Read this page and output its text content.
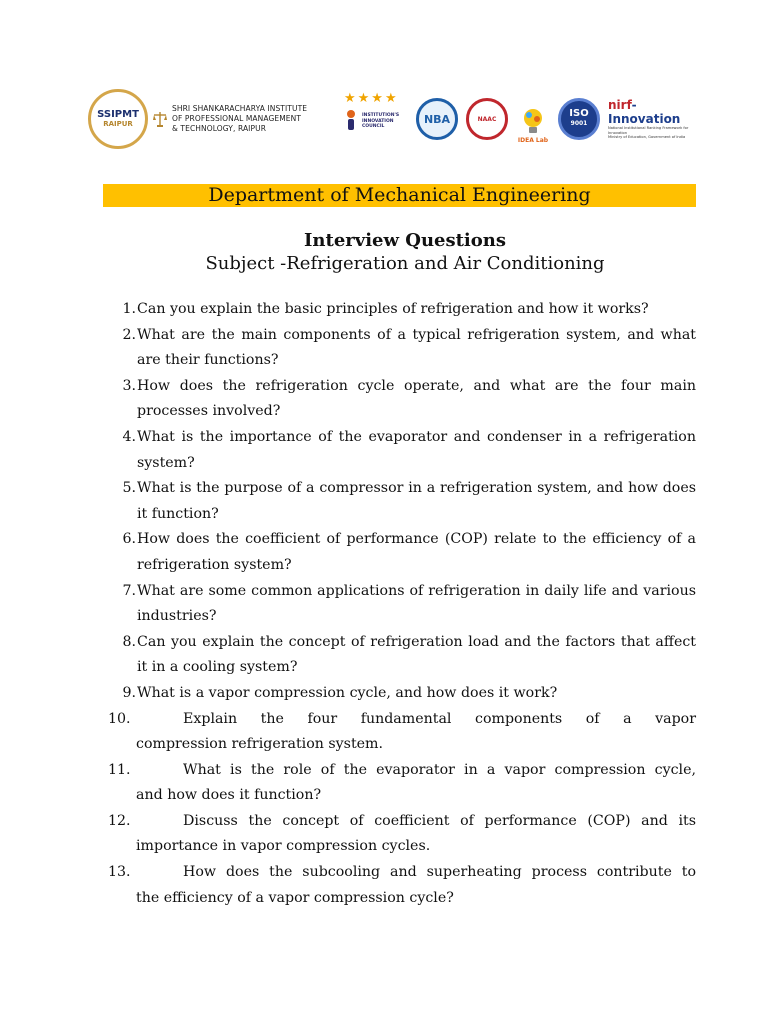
SSIPMT
RAIPUR
SHRI SHANKARACHARYA INSTITUTE
OF PROFESSIONAL MANAGEMENT
& TECHNOLOGY, RAIPUR
★★★★
INSTITUTION'S
INNOVATION
COUNCIL
NBA	NAAC
IDEA Lab
ISO
9001
nirf-Innovation
National Institutional Ranking Framework for Innovation
Ministry of Education, Government of India
Department of Mechanical Engineering
Interview Questions
Subject -Refrigeration and Air Conditioning
1. Can you explain the basic principles of refrigeration and how it works?
2. What are the main components of a typical refrigeration system, and what are their functions?
3. How does the refrigeration cycle operate, and what are the four main processes involved?
4. What is the importance of the evaporator and condenser in a refrigeration system?
5. What is the purpose of a compressor in a refrigeration system, and how does it function?
6. How does the coefficient of performance (COP) relate to the efficiency of a refrigeration system?
7. What are some common applications of refrigeration in daily life and various industries?
8. Can you explain the concept of refrigeration load and the factors that affect it in a cooling system?
9. What is a vapor compression cycle, and how does it work?
10.	Explain the four fundamental components of a vapor
compression refrigeration system.
11.	What is the role of the evaporator in a vapor compression cycle,
and how does it function?
12.	Discuss the concept of coefficient of performance (COP) and its
importance in vapor compression cycles.
13.	How does the subcooling and superheating process contribute to
the efficiency of a vapor compression cycle?
